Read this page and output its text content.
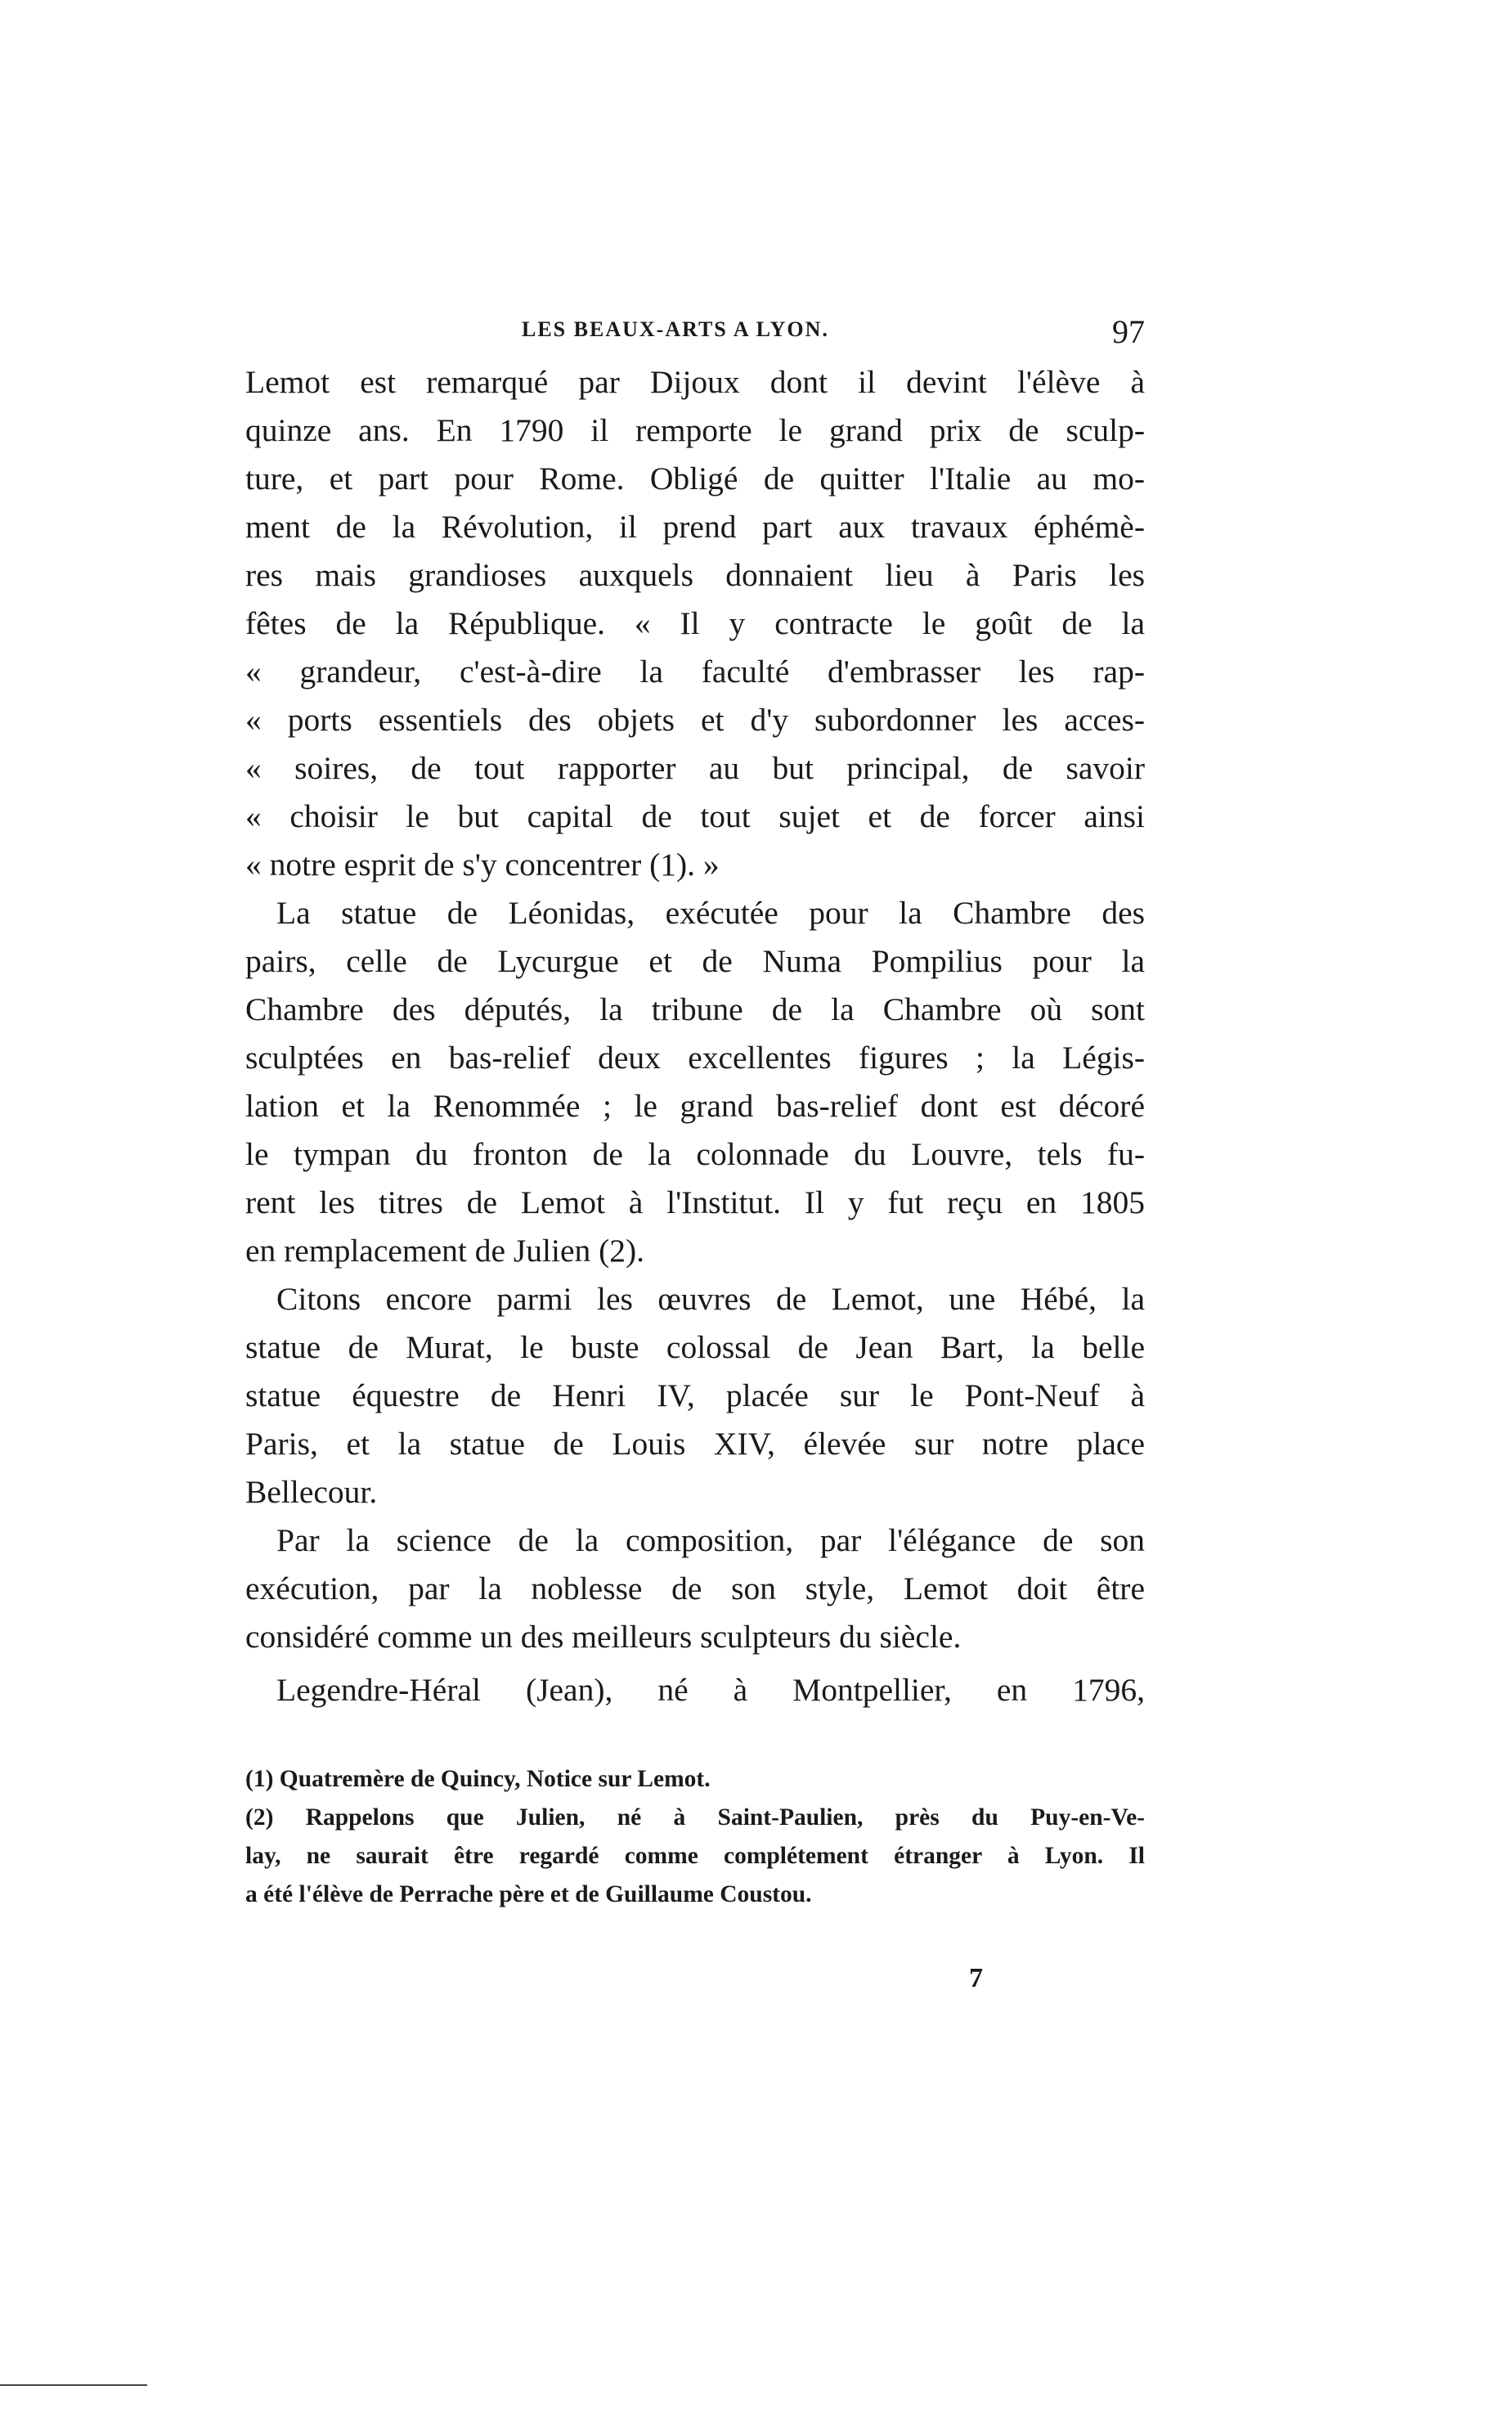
LES BEAUX-ARTS A LYON.	97
Lemot est remarqué par Dijoux dont il devint l'élève à
quinze ans. En 1790 il remporte le grand prix de sculp-
ture, et part pour Rome. Obligé de quitter l'Italie au mo-
ment de la Révolution, il prend part aux travaux éphémè-
res mais grandioses auxquels donnaient lieu à Paris les
fêtes de la République. « Il y contracte le goût de la
« grandeur, c'est-à-dire la faculté d'embrasser les rap-
« ports essentiels des objets et d'y subordonner les acces-
« soires, de tout rapporter au but principal, de savoir
« choisir le but capital de tout sujet et de forcer ainsi
« notre esprit de s'y concentrer (1). »
La statue de Léonidas, exécutée pour la Chambre des
pairs, celle de Lycurgue et de Numa Pompilius pour la
Chambre des députés, la tribune de la Chambre où sont
sculptées en bas-relief deux excellentes figures ; la Légis-
lation et la Renommée ; le grand bas-relief dont est décoré
le tympan du fronton de la colonnade du Louvre, tels fu-
rent les titres de Lemot à l'Institut. Il y fut reçu en 1805
en remplacement de Julien (2).
Citons encore parmi les œuvres de Lemot, une Hébé, la
statue de Murat, le buste colossal de Jean Bart, la belle
statue équestre de Henri IV, placée sur le Pont-Neuf à
Paris, et la statue de Louis XIV, élevée sur notre place
Bellecour.
Par la science de la composition, par l'élégance de son
exécution, par la noblesse de son style, Lemot doit être
considéré comme un des meilleurs sculpteurs du siècle.
Legendre-Héral (Jean), né à Montpellier, en 1796,
(1) Quatremère de Quincy, Notice sur Lemot.
(2) Rappelons que Julien, né à Saint-Paulien, près du Puy-en-Ve-
lay, ne saurait être regardé comme complétement étranger à Lyon. Il
a été l'élève de Perrache père et de Guillaume Coustou.
7
